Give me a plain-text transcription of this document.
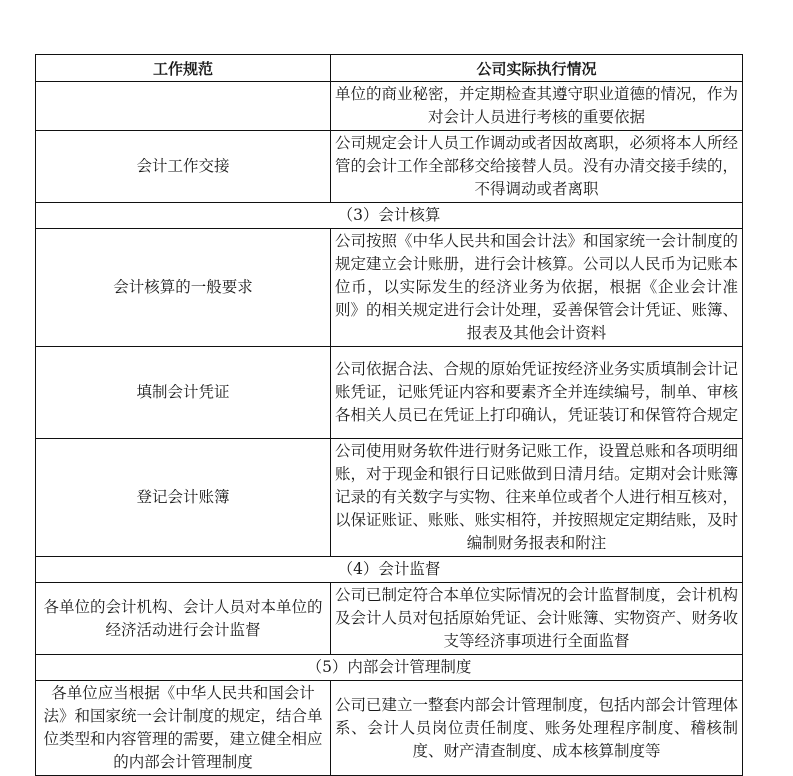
工作规范	公司实际执行情况
	单位的商业秘密，并定期检查其遵守职业道德的情况，作为对会计人员进行考核的重要依据
会计工作交接	公司规定会计人员工作调动或者因故离职，必须将本人所经管的会计工作全部移交给接替人员。没有办清交接手续的，不得调动或者离职
（3）会计核算	
会计核算的一般要求	公司按照《中华人民共和国会计法》和国家统一会计制度的规定建立会计账册，进行会计核算。公司以人民币为记账本位币，以实际发生的经济业务为依据，根据《企业会计准则》的相关规定进行会计处理，妥善保管会计凭证、账簿、报表及其他会计资料
填制会计凭证	公司依据合法、合规的原始凭证按经济业务实质填制会计记账凭证，记账凭证内容和要素齐全并连续编号，制单、审核各相关人员已在凭证上打印确认，凭证装订和保管符合规定
登记会计账簿	公司使用财务软件进行财务记账工作，设置总账和各项明细账，对于现金和银行日记账做到日清月结。定期对会计账簿记录的有关数字与实物、往来单位或者个人进行相互核对，以保证账证、账账、账实相符，并按照规定定期结账，及时编制财务报表和附注
（4）会计监督	
各单位的会计机构、会计人员对本单位的经济活动进行会计监督	公司已制定符合本单位实际情况的会计监督制度，会计机构及会计人员对包括原始凭证、会计账簿、实物资产、财务收支等经济事项进行全面监督
（5）内部会计管理制度	
各单位应当根据《中华人民共和国会计法》和国家统一会计制度的规定，结合单位类型和内容管理的需要，建立健全相应的内部会计管理制度	公司已建立一整套内部会计管理制度，包括内部会计管理体系、会计人员岗位责任制度、账务处理程序制度、稽核制度、财产清查制度、成本核算制度等
